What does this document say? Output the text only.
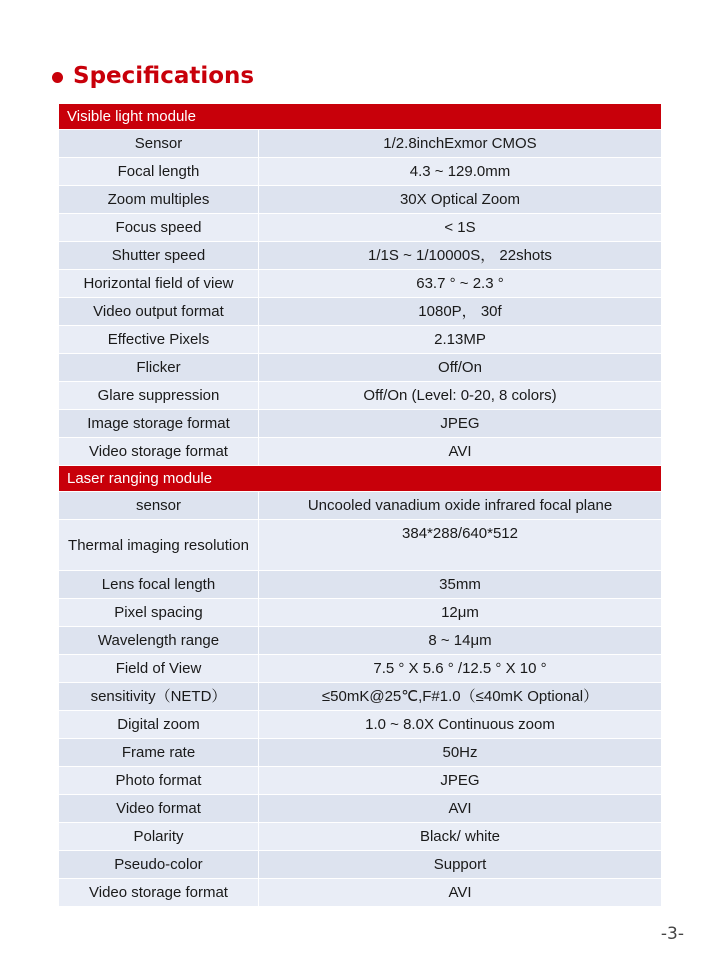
Specifications
Visible light module	
Sensor	1/2.8inchExmor CMOS
Focal length	4.3 ~ 129.0mm
Zoom multiples	30X Optical Zoom
Focus speed	< 1S
Shutter speed	1/1S ~ 1/10000S， 22shots
Horizontal field of view	63.7 ° ~ 2.3 °
Video output format	1080P， 30f
Effective Pixels	2.13MP
Flicker	Off/On
Glare suppression	Off/On (Level: 0-20, 8 colors)
Image storage format	JPEG
Video storage format	AVI
Laser ranging module	
sensor	Uncooled vanadium oxide infrared focal plane
Thermal imaging resolution	384*288/640*512
Lens focal length	35mm
Pixel spacing	12μm
Wavelength range	8 ~ 14μm
Field of View	7.5 ° X 5.6 ° /12.5 ° X 10 °
sensitivity（NETD）	≤50mK@25℃,F#1.0（≤40mK Optional）
Digital zoom	1.0 ~ 8.0X Continuous zoom
Frame rate	50Hz
Photo format	JPEG
Video format	AVI
Polarity	Black/ white
Pseudo-color	Support
Video storage format	AVI
-3-
